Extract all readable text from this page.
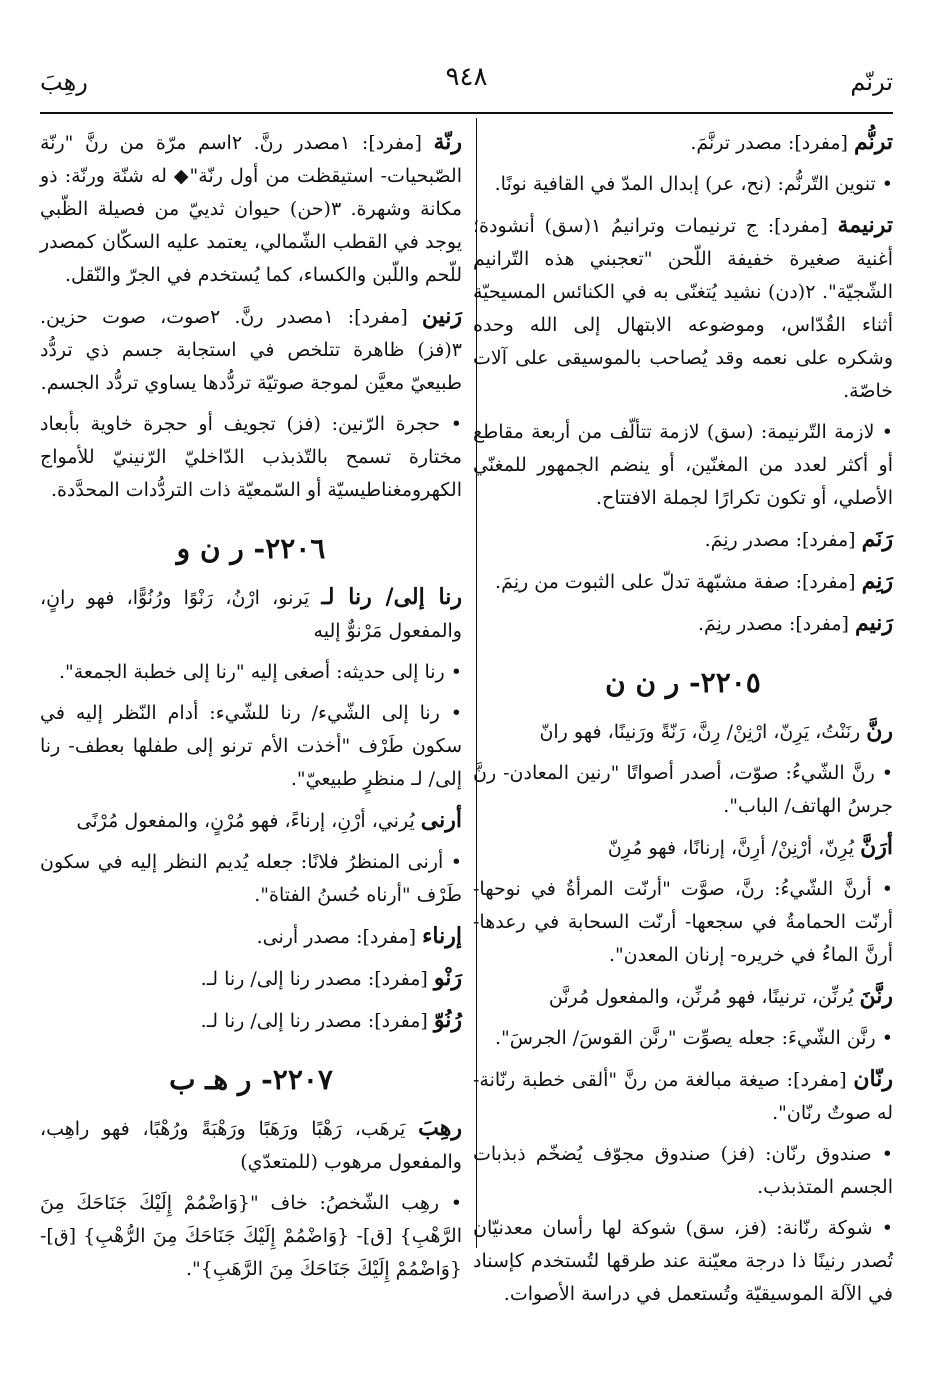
ترنّم
٩٤٨
رهِبَ

ترنُّم [مفرد]: مصدر ترنَّمَ.

• تنوين التّرنُّم: (نح، عر) إبدال المدّ في القافية نونًا.

ترنيمة [مفرد]: ج ترنيمات وترانيمُ ١(سق) أنشودة؛ أغنية صغيرة خفيفة اللّحن "تعجبني هذه التّرانيم الشّجيّة". ٢(دن) نشيد يُتغنّى به في الكنائس المسيحيّة أثناء القُدّاس، وموضوعه الابتهال إلى الله وحده وشكره على نعمه وقد يُصاحب بالموسيقى على آلات خاصّة.

• لازمة التّرنيمة: (سق) لازمة تتألّف من أربعة مقاطع أو أكثر لعدد من المغنّين، أو ينضم الجمهور للمغنّي الأصلي، أو تكون تكرارًا لجملة الافتتاح.

رَنَم [مفرد]: مصدر رنِمَ.

رَنِم [مفرد]: صفة مشبّهة تدلّ على الثبوت من رنِمَ.

رَنيم [مفرد]: مصدر رنِمَ.

٢٢٠٥- ر ن ن

رنَّ رنَنْتُ، يَرِنّ، ارْنِنْ/ رِنَّ، رَنّةً ورَنينًا، فهو رانّ

• رنَّ الشّيءُ: صوّت، أصدر أصواتًا "رنين المعادن- رنَّ جرسُ الهاتف/ الباب".

أرَنَّ يُرِنّ، أرْنِنْ/ أرِنَّ، إرنانًا، فهو مُرِنّ

• أرنَّ الشّيءُ: رنَّ، صوَّت "أرنّت المرأةُ في نوحها- أرنّت الحمامةُ في سجعها- أرنّت السحابة في رعدها- أرنَّ الماءُ في خريره- إرنان المعدن".

رنَّنَ يُرنِّن، ترنينًا، فهو مُرنِّن، والمفعول مُرنَّن

• رنَّن الشّيءَ: جعله يصوِّت "رنَّن القوسَ/ الجرسَ".

رنّان [مفرد]: صيغة مبالغة من رنَّ "ألقى خطبة رنّانة- له صوتٌ رنّان".

• صندوق رنّان: (فز) صندوق مجوّف يُضخّم ذبذبات الجسم المتذبذب.

• شوكة رنّانة: (فز، سق) شوكة لها رأسان معدنيّان تُصدر رنينًا ذا درجة معيّنة عند طرقها لتُستخدم كإسناد في الآلة الموسيقيّة وتُستعمل في دراسة الأصوات.

رنّة [مفرد]: ١مصدر رنَّ. ٢اسم مرّة من رنَّ "رنّة الصّبحيات- استيقظت من أول رنّة"◆ له شنّة ورنّة: ذو مكانة وشهرة. ٣(حن) حيوان ثدييّ من فصيلة الظّبي يوجد في القطب الشّمالي، يعتمد عليه السكّان كمصدر للّحم واللّبن والكساء، كما يُستخدم في الجرّ والنّقل.

رَنين [مفرد]: ١مصدر رنَّ. ٢صوت، صوت حزين. ٣(فز) ظاهرة تتلخص في استجابة جسم ذي تردُّد طبيعيّ معيَّن لموجة صوتيّة تردُّدها يساوي تردُّد الجسم.

• حجرة الرّنين: (فز) تجويف أو حجرة خاوية بأبعاد مختارة تسمح بالتّذبذب الدّاخليّ الرّنينيّ للأمواج الكهرومغناطيسيّة أو السّمعيّة ذات التردُّدات المحدَّدة.

٢٢٠٦- ر ن و

رنا إلى/ رنا لـ يَرنو، ارْنُ، رَنْوًا ورُنُوًّا، فهو رانٍ، والمفعول مَرْنوٌّ إليه

• رنا إلى حديثه: أصغى إليه "رنا إلى خطبة الجمعة".

• رنا إلى الشّيء/ رنا للشّيء: أدام النّظر إليه في سكون طَرْف "أخذت الأم ترنو إلى طفلها بعطف- رنا إلى/ لـ منظرٍ طبيعيّ".

أرنى يُرني، أرْنِ، إرناءً، فهو مُرْنٍ، والمفعول مُرْنًى

• أرنى المنظرُ فلانًا: جعله يُديم النظر إليه في سكون طَرْف "أرناه حُسنُ الفتاة".

إرناء [مفرد]: مصدر أرنى.

رَنْو [مفرد]: مصدر رنا إلى/ رنا لـ.

رُنُوّ [مفرد]: مصدر رنا إلى/ رنا لـ.

٢٢٠٧- ر هـ ب

رهِبَ يَرهَب، رَهْبًا ورَهَبًا ورَهْبَةً ورُهْبًا، فهو راهِب، والمفعول مرهوب (للمتعدّي)

• رهِب الشّخصُ: خاف "{وَاضْمُمْ إِلَيْكَ جَنَاحَكَ مِنَ الرَّهْبِ} [ق]- {وَاضْمُمْ إِلَيْكَ جَنَاحَكَ مِنَ الرُّهْبِ} [ق]- {وَاضْمُمْ إِلَيْكَ جَنَاحَكَ مِنَ الرَّهَبِ}".
